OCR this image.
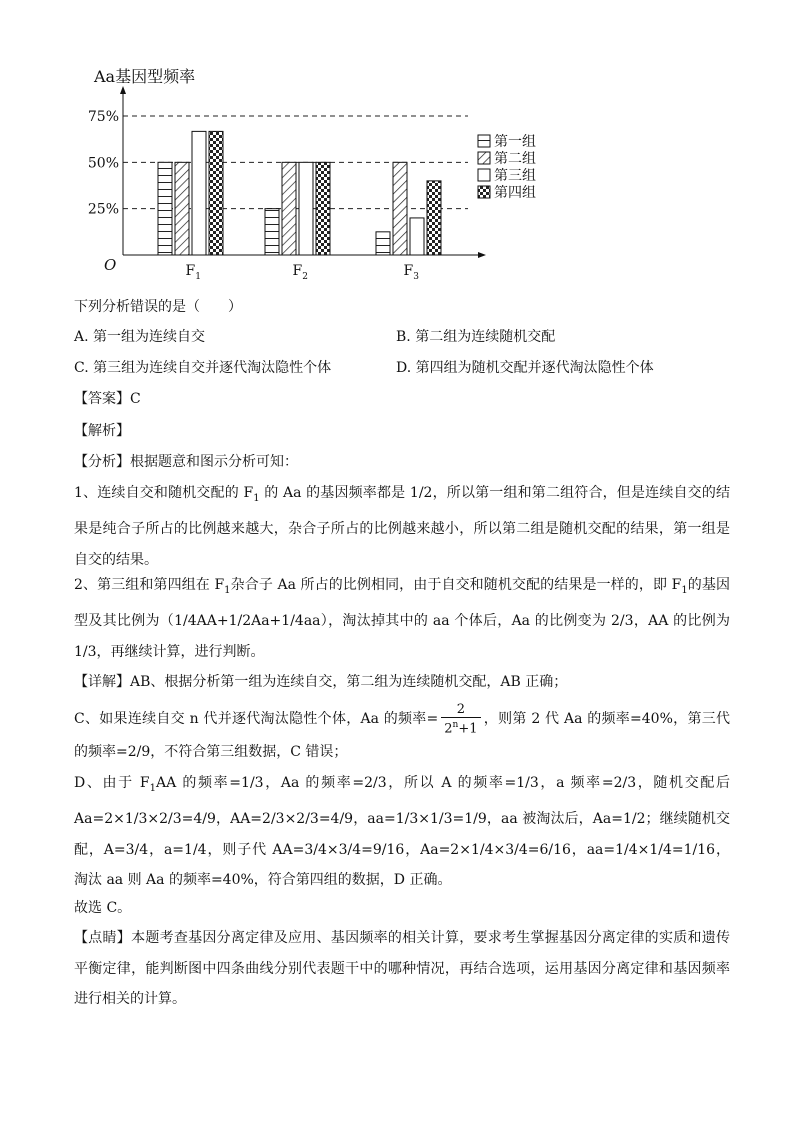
Aa基因型频率
O
75%
50%
25%
$F_1$	$F_2$	$F_3$
第一组
第二组
第三组
第四组

下列分析错误的是（　　）

A. 第一组为连续自交	B. 第二组为连续随机交配
C. 第三组为连续自交并逐代淘汰隐性个体	D. 第四组为随机交配并逐代淘汰隐性个体

【答案】C

【解析】

【分析】根据题意和图示分析可知：

1、连续自交和随机交配的 $F_1$ 的 Aa 的基因频率都是 1/2，所以第一组和第二组符合，但是连续自交的结果是纯合子所占的比例越来越大，杂合子所占的比例越来越小，所以第二组是随机交配的结果，第一组是自交的结果。

2、第三组和第四组在 $F_1$杂合子 Aa 所占的比例相同，由于自交和随机交配的结果是一样的，即 $F_1$的基因型及其比例为（1/4AA+1/2Aa+1/4aa），淘汰掉其中的 aa 个体后，Aa 的比例变为 2/3，AA 的比例为 1/3，再继续计算，进行判断。

【详解】AB、根据分析第一组为连续自交，第二组为连续随机交配，AB 正确；

C、如果连续自交 n 代并逐代淘汰隐性个体，Aa 的频率= $\frac{2}{2^n+1}$ ，则第 2 代 Aa 的频率=40%，第三代的频率=2/9，不符合第三组数据，C 错误；

D、由于 $F_1AA$ 的频率=1/3，Aa 的频率=2/3，所以 A 的频率=1/3，a 频率=2/3，随机交配后 Aa=2×1/3×2/3=4/9，AA=2/3×2/3=4/9，aa=1/3×1/3=1/9，aa 被淘汰后，Aa=1/2；继续随机交配，A=3/4，a=1/4，则子代 AA=3/4×3/4=9/16，Aa=2×1/4×3/4=6/16，aa=1/4×1/4=1/16，淘汰 aa 则 Aa 的频率=40%，符合第四组的数据，D 正确。

故选 C。

【点睛】本题考查基因分离定律及应用、基因频率的相关计算，要求考生掌握基因分离定律的实质和遗传平衡定律，能判断图中四条曲线分别代表题干中的哪种情况，再结合选项，运用基因分离定律和基因频率进行相关的计算。
